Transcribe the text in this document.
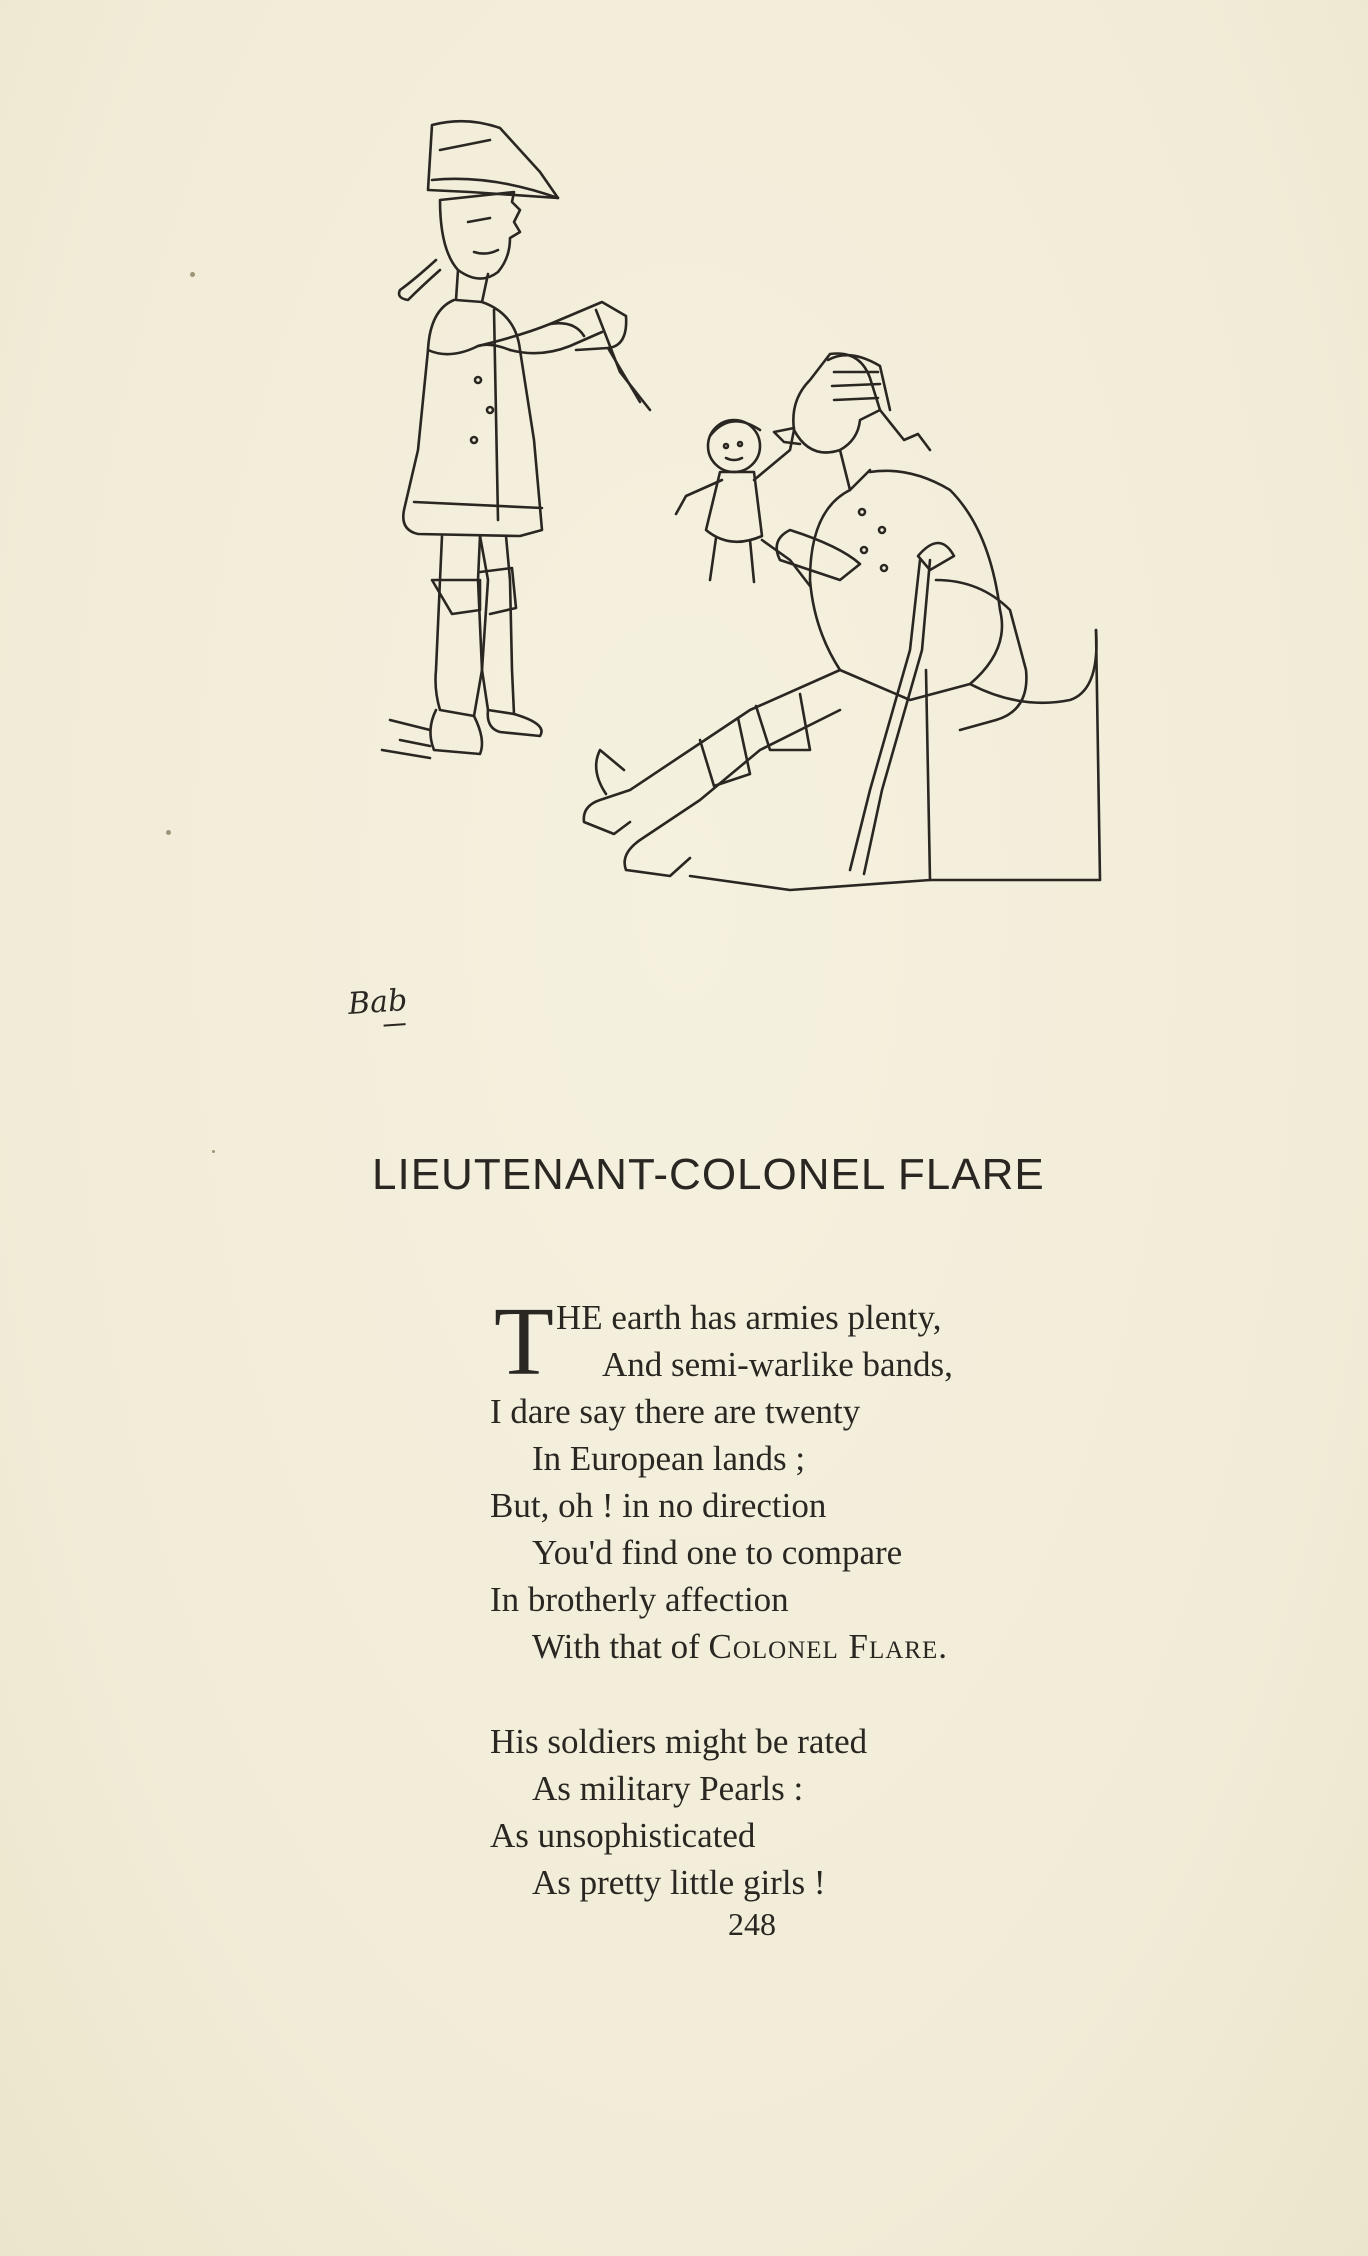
Bab
LIEUTENANT-COLONEL FLARE
T HE earth has armies plenty,
And semi-warlike bands,
I dare say there are twenty
In European lands ;
But, oh ! in no direction
You'd find one to compare
In brotherly affection
With that of Colonel Flare.
His soldiers might be rated
As military Pearls :
As unsophisticated
As pretty little girls !
248
